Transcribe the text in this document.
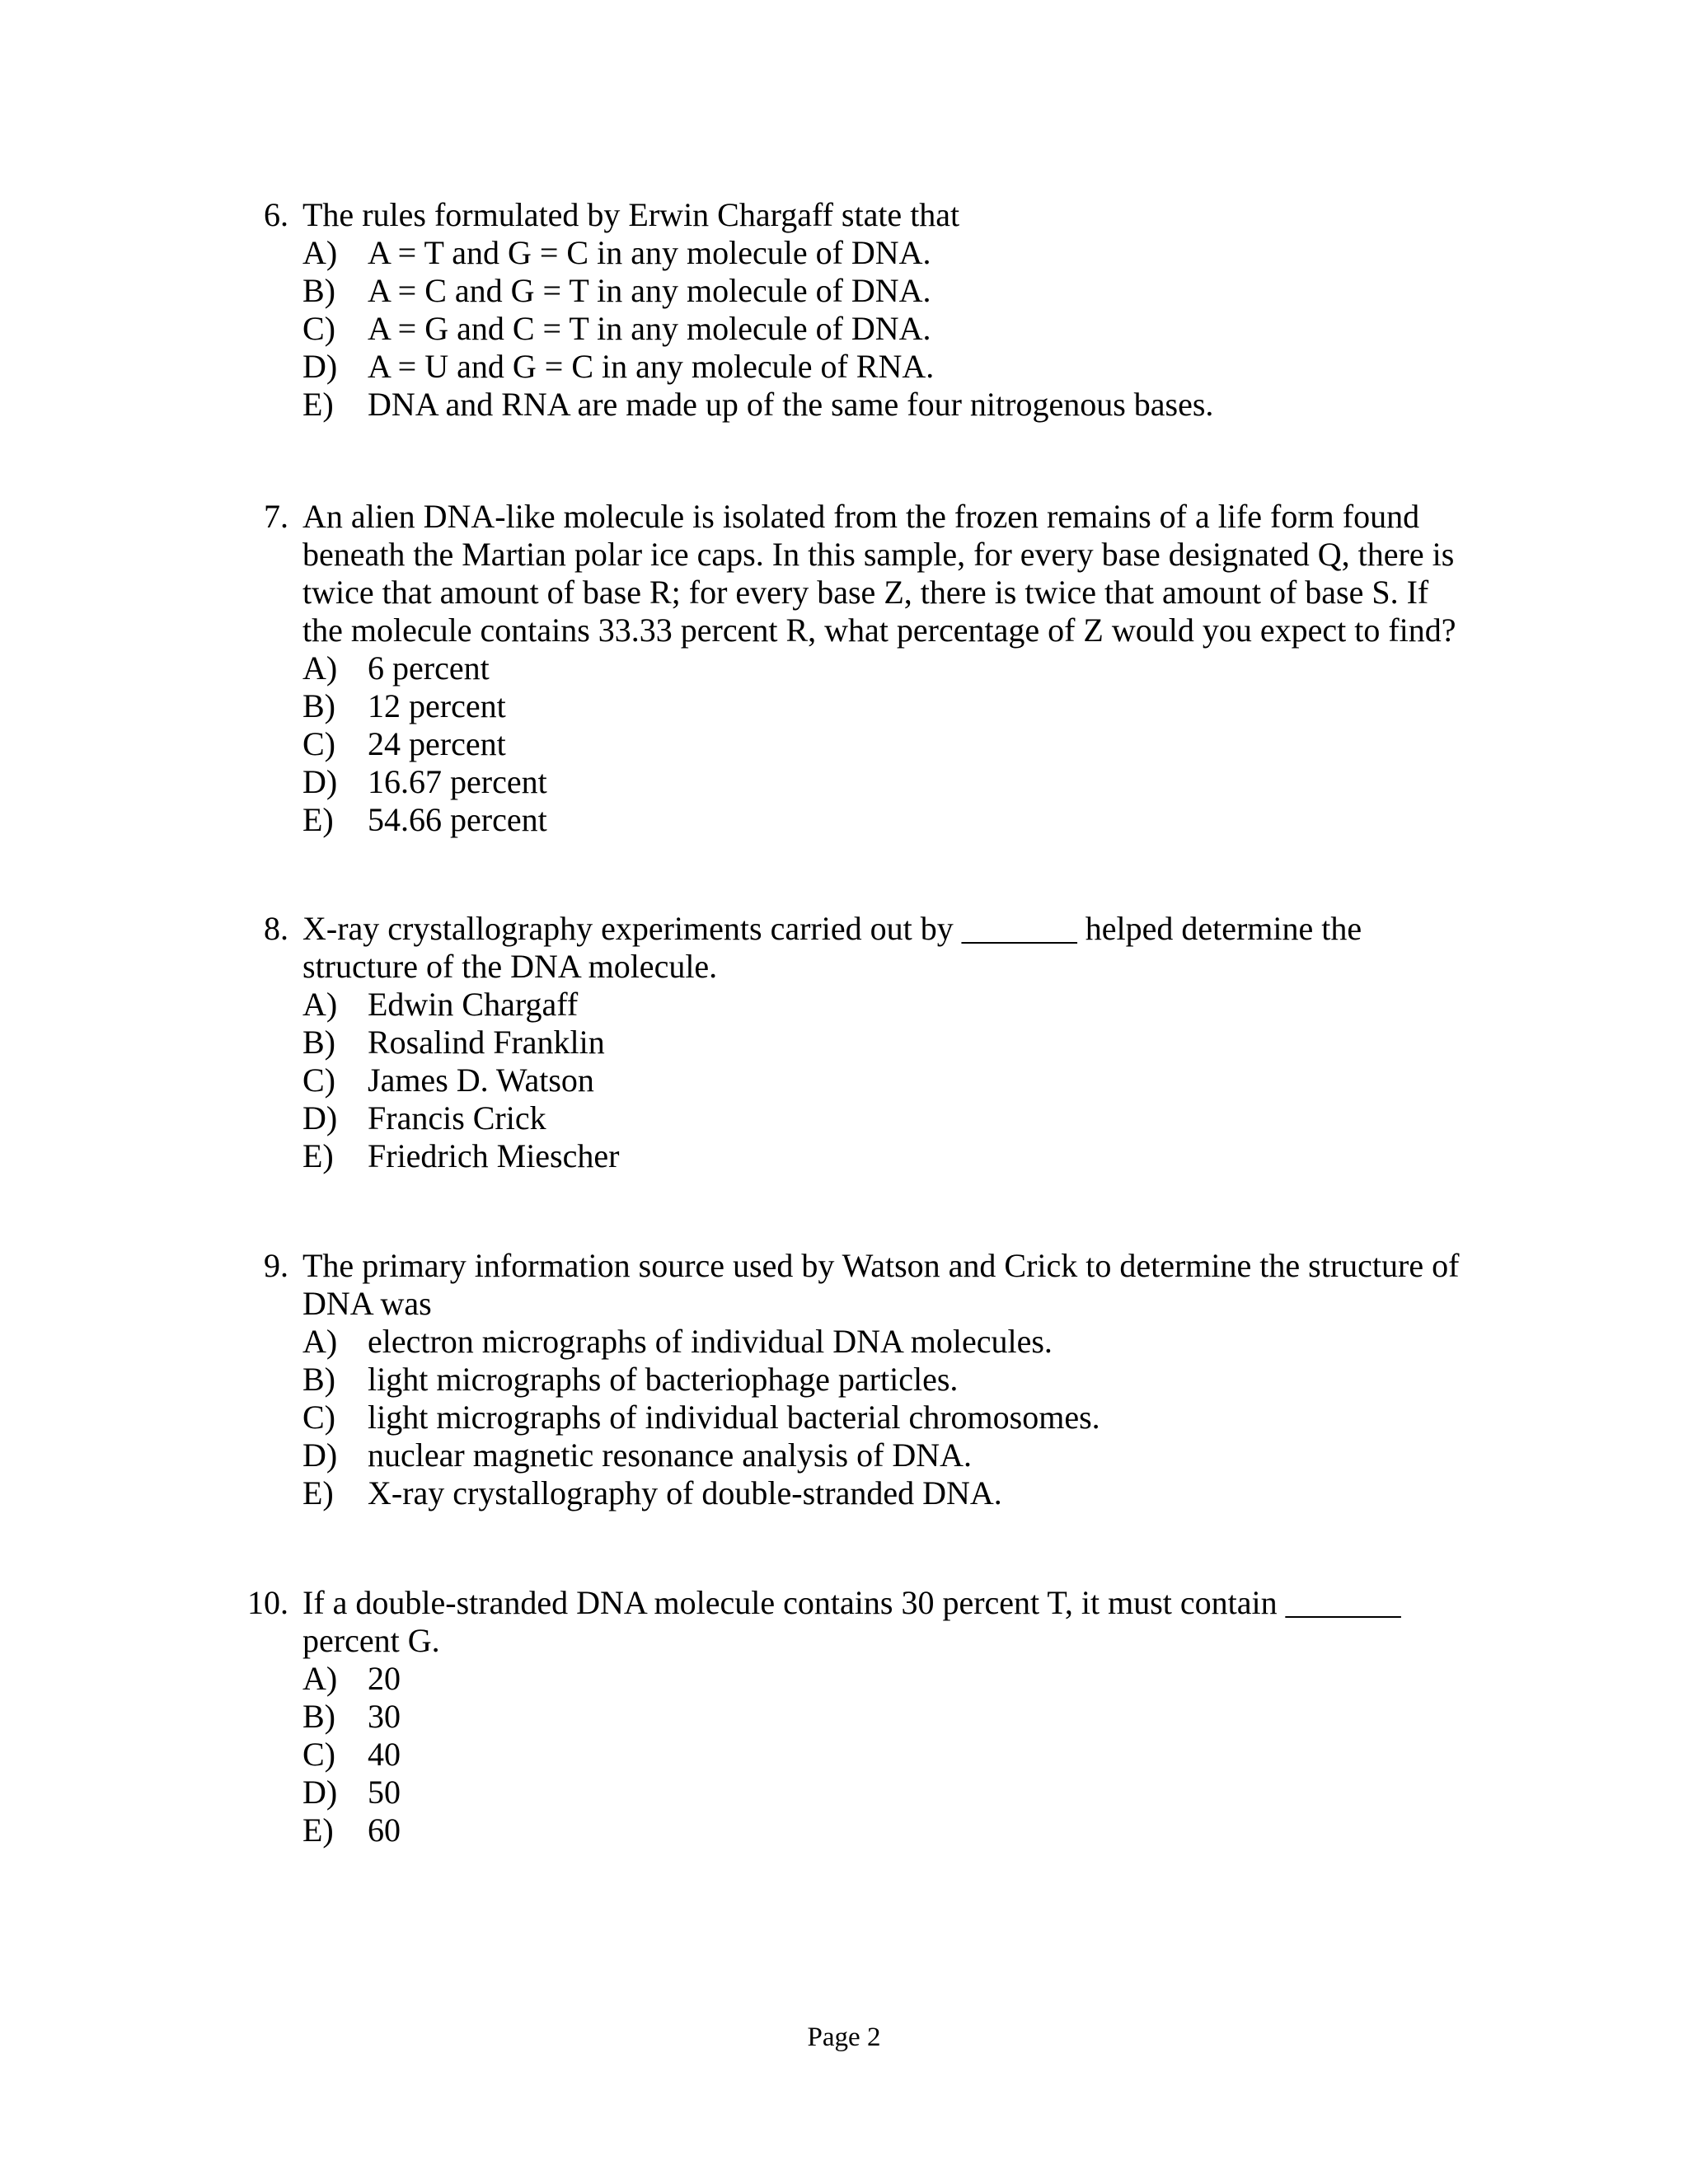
6. The rules formulated by Erwin Chargaff state that
A) A = T and G = C in any molecule of DNA.
B) A = C and G = T in any molecule of DNA.
C) A = G and C = T in any molecule of DNA.
D) A = U and G = C in any molecule of RNA.
E) DNA and RNA are made up of the same four nitrogenous bases.
7. An alien DNA-like molecule is isolated from the frozen remains of a life form found
beneath the Martian polar ice caps. In this sample, for every base designated Q, there is
twice that amount of base R; for every base Z, there is twice that amount of base S. If
the molecule contains 33.33 percent R, what percentage of Z would you expect to find?
A) 6 percent
B) 12 percent
C) 24 percent
D) 16.67 percent
E) 54.66 percent
8. X-ray crystallography experiments carried out by _______ helped determine the
structure of the DNA molecule.
A) Edwin Chargaff
B) Rosalind Franklin
C) James D. Watson
D) Francis Crick
E) Friedrich Miescher
9. The primary information source used by Watson and Crick to determine the structure of
DNA was
A) electron micrographs of individual DNA molecules.
B) light micrographs of bacteriophage particles.
C) light micrographs of individual bacterial chromosomes.
D) nuclear magnetic resonance analysis of DNA.
E) X-ray crystallography of double-stranded DNA.
10. If a double-stranded DNA molecule contains 30 percent T, it must contain _______
percent G.
A) 20
B) 30
C) 40
D) 50
E) 60
Page 2
